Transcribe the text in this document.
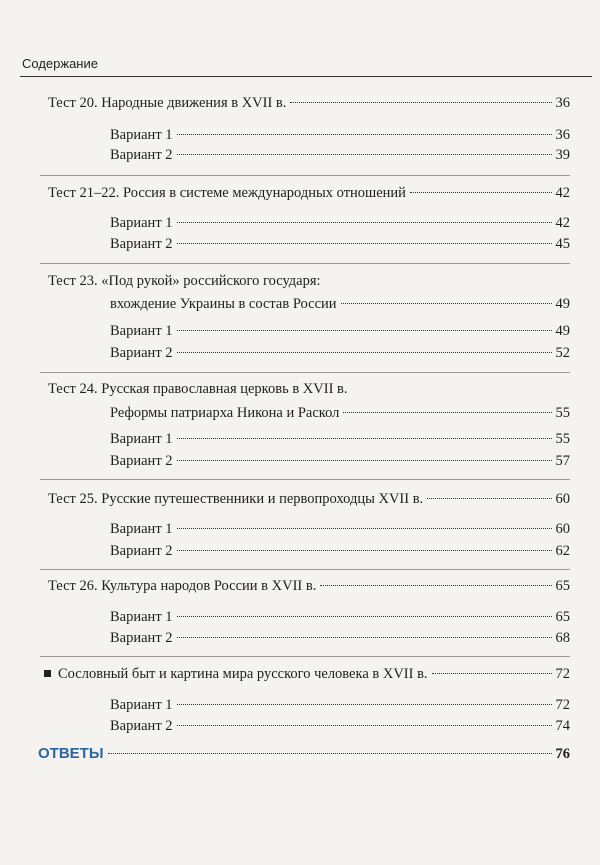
Содержание
Тест 20. Народные движения в XVII в.	36
Вариант 1	36
Вариант 2	39
Тест 21–22. Россия в системе международных отношений	42
Вариант 1	42
Вариант 2	45
Тест 23. «Под рукой» российского государя:
вхождение Украины в состав России	49
Вариант 1	49
Вариант 2	52
Тест 24. Русская православная церковь в XVII в.
Реформы патриарха Никона и Раскол	55
Вариант 1	55
Вариант 2	57
Тест 25. Русские путешественники и первопроходцы XVII в.	60
Вариант 1	60
Вариант 2	62
Тест 26. Культура народов России в XVII в.	65
Вариант 1	65
Вариант 2	68
Сословный быт и картина мира русского человека в XVII в.	72
Вариант 1	72
Вариант 2	74
ОТВЕТЫ	76
